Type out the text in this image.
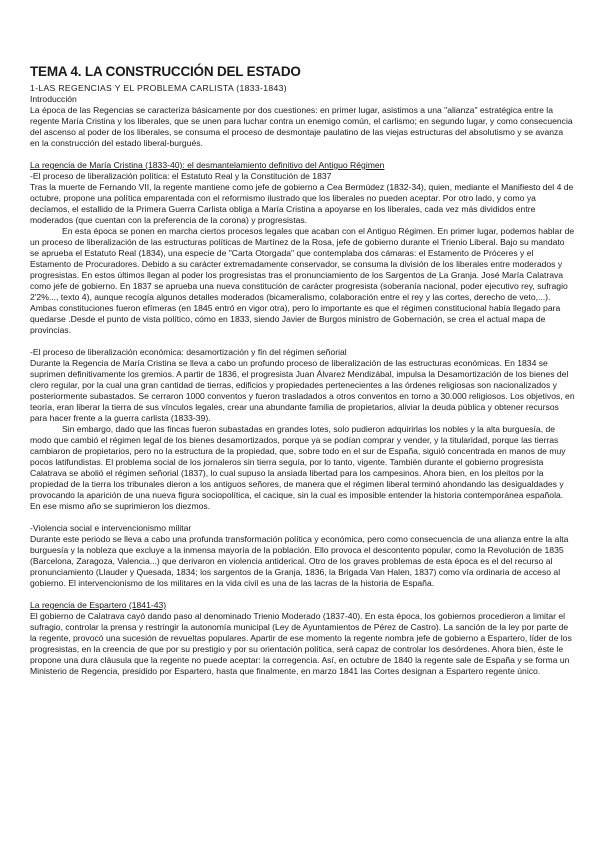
TEMA 4. LA CONSTRUCCIÓN DEL ESTADO
1-LAS REGENCIAS Y EL PROBLEMA CARLISTA (1833-1843)
Introducción

La época de las Regencias se caracteriza básicamente por dos cuestiones: en primer lugar, asistimos a una "alianza" estratégica entre la regente María Cristina y los liberales, que se unen para luchar contra un enemigo común, el carlismo; en segundo lugar, y como consecuencia del ascenso al poder de los liberales, se consuma el proceso de desmontaje paulatino de las viejas estructuras del absolutismo y se avanza en la construcción del estado liberal-burgués.

La regencia de María Cristina (1833-40): el desmantelamiento definitivo del Antiguo Régimen
-El proceso de liberalización política: el Estatuto Real y la Constitución de 1837

Tras la muerte de Fernando VII, la regente mantiene como jefe de gobierno a Cea Bermúdez (1832-34), quien, mediante el Manifiesto del 4 de octubre, propone una política emparentada con el reformismo ilustrado que los liberales no pueden aceptar. Por otro lado, y como ya decíamos, el estallido de la Primera Guerra Carlista obliga a María Cristina a apoyarse en los liberales, cada vez más divididos entre moderados (que cuentan con la preferencia de la corona) y progresistas.

En esta época se ponen en marcha ciertos procesos legales que acaban con el Antiguo Régimen. En primer lugar, podemos hablar de un proceso de liberalización de las estructuras políticas de Martínez de la Rosa, jefe de gobierno durante el Trienio Liberal. Bajo su mandato se aprueba el Estatuto Real (1834), una especie de "Carta Otorgada" que contemplaba dos cámaras: el Estamento de Próceres y el Estamento de Procuradores. Debido a su carácter extremadamente conservador, se consuma la división de los liberales entre moderados y progresistas. En estos últimos llegan al poder los progresistas tras el pronunciamiento de los Sargentos de La Granja. José María Calatrava como jefe de gobierno. En 1837 se aprueba una nueva constitución de carácter progresista (soberanía nacional, poder ejecutivo rey, sufragio 2'2%..., texto 4), aunque recogía algunos detalles moderados (bicameralismo, colaboración entre el rey y las cortes, derecho de veto,...). Ambas constituciones fueron efímeras (en 1845 entró en vigor otra), pero lo importante es que el régimen constitucional había llegado para quedarse .Desde el punto de vista político, cómo en 1833, siendo Javier de Burgos ministro de Gobernación, se crea el actual mapa de provincias.

-El proceso de liberalización económica: desamortización y fin del régimen señorial

Durante la Regencia de María Cristina se lleva a cabo un profundo proceso de liberalización de las estructuras económicas. En 1834 se suprimen definitivamente los gremios. A partir de 1836, el progresista Juan Álvarez Mendizábal, impulsa la Desamortización de los bienes del clero regular, por la cual una gran cantidad de tierras, edificios y propiedades pertenecientes a las órdenes religiosas son nacionalizados y posteriormente subastados. Se cerraron 1000 conventos y fueron trasladados a otros conventos en torno a 30.000 religiosos. Los objetivos, en teoría, eran liberar la tierra de sus vínculos legales, crear una abundante familia de propietarios, aliviar la deuda pública y obtener recursos para hacer frente a la guerra carlista (1833-39).

Sin embargo, dado que las fincas fueron subastadas en grandes lotes, solo pudieron adquirirlas los nobles y la alta burguesía, de modo que cambió el régimen legal de los bienes desamortizados, porque ya se podían comprar y vender, y la titularidad, porque las tierras cambiaron de propietarios, pero no la estructura de la propiedad, que, sobre todo en el sur de España, siguió concentrada en manos de muy pocos latifundistas. El problema social de los jornaleros sin tierra seguía, por lo tanto, vigente. También durante el gobierno progresista Calatrava se abolió el régimen señorial (1837), lo cual supuso la ansiada libertad para los campesinos. Ahora bien, en los pleitos por la propiedad de la tierra los tribunales dieron a los antiguos señores, de manera que el régimen liberal terminó ahondando las desigualdades y provocando la aparición de una nueva figura sociopolítica, el cacique, sin la cual es imposible entender la historia contemporánea española. En ese mismo año se suprimieron los diezmos.

-Violencia social e intervencionismo militar

Durante este periodo se lleva a cabo una profunda transformación política y económica, pero como consecuencia de una alianza entre la alta burguesía y la nobleza que excluye a la inmensa mayoría de la población. Ello provoca el descontento popular, como la Revolución de 1835 (Barcelona, Zaragoza, Valencia...) que derivaron en violencia antiderical. Otro de los graves problemas de esta época es el del recurso al pronunciamiento (Llauder y Quesada, 1834; los sargentos de la Granja, 1836, la Brigada Van Halen, 1837) como vía ordinaria de acceso al gobierno. El intervencionismo de los militares en la vida civil es una de las lacras de la historia de España.

La regencia de Espartero (1841-43)

El gobierno de Calatrava cayó dando paso al denominado Trienio Moderado (1837-40). En esta época, los gobiernos procedieron a limitar el sufragio, controlar la prensa y restringir la autonomía municipal (Ley de Ayuntamientos de Pérez de Castro). La sanción de la ley por parte de la regente, provocó una sucesión de revueltas populares. Apartir de ese momento la regente nombra jefe de gobierno a Espartero, líder de los progresistas, en la creencia de que por su prestigio y por su orientación política, será capaz de controlar los desórdenes. Ahora bien, éste le propone una dura cláusula que la regente no puede aceptar: la corregencia. Así, en octubre de 1840 la regente sale de España y se forma un Ministerio de Regencia, presidido por Espartero, hasta que finalmente, en marzo 1841 las Cortes designan a Espartero regente único.
